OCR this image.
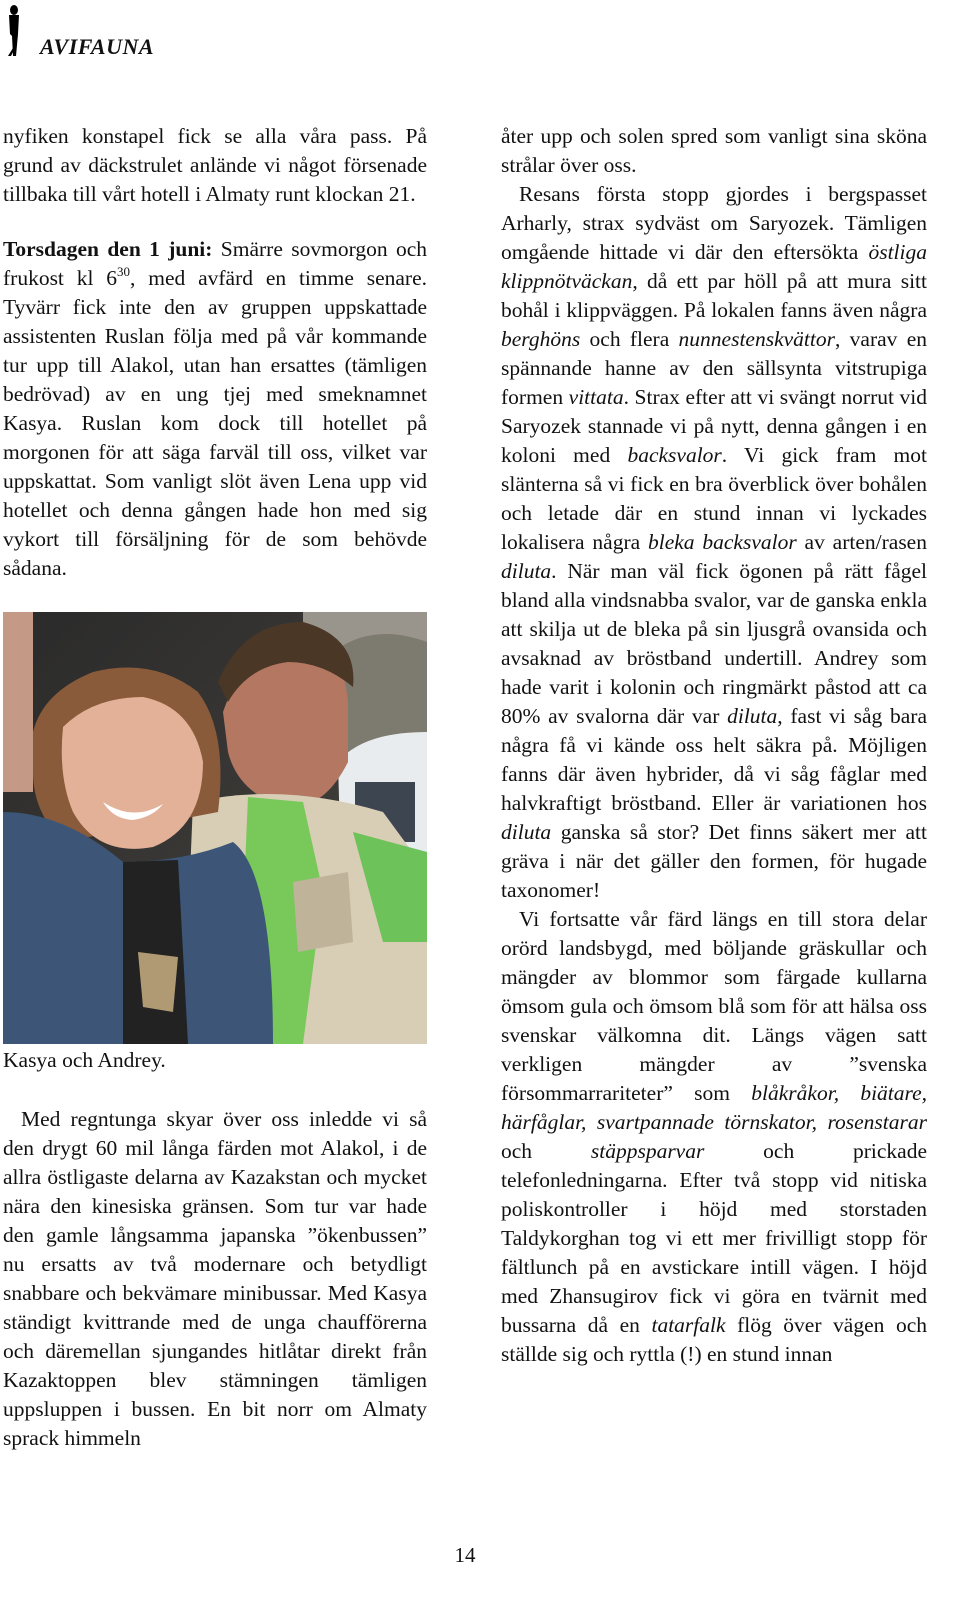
AVIFAUNA

nyfiken konstapel fick se alla våra pass. På grund av däckstrulet anlände vi något försenade tillbaka till vårt hotell i Almaty runt klockan 21.

Torsdagen den 1 juni: Smärre sovmorgon och frukost kl $6^{30}$, med avfärd en timme senare. Tyvärr fick inte den av gruppen uppskattade assistenten Ruslan följa med på vår kommande tur upp till Alakol, utan han ersattes (tämligen bedrövad) av en ung tjej med smeknamnet Kasya. Ruslan kom dock till hotellet på morgonen för att säga farväl till oss, vilket var uppskattat. Som vanligt slöt även Lena upp vid hotellet och denna gången hade hon med sig vykort till försäljning för de som behövde sådana.

Kasya och Andrey.

Med regntunga skyar över oss inledde vi så den drygt 60 mil långa färden mot Alakol, i de allra östligaste delarna av Kazakstan och mycket nära den kinesiska gränsen. Som tur var hade den gamle långsamma japanska ”ökenbussen” nu ersatts av två modernare och betydligt snabbare och bekvämare minibussar. Med Kasya ständigt kvittrande med de unga chaufförerna och däremellan sjungandes hitlåtar direkt från Kazaktoppen blev stämningen tämligen uppsluppen i bussen. En bit norr om Almaty sprack himmeln

åter upp och solen spred som vanligt sina sköna strålar över oss.

Resans första stopp gjordes i bergspasset Arharly, strax sydväst om Saryozek. Tämligen omgående hittade vi där den eftersökta östliga klippnötväckan, då ett par höll på att mura sitt bohål i klippväggen. På lokalen fanns även några berghöns och flera nunnestenskvättor, varav en spännande hanne av den sällsynta vitstrupiga formen vittata. Strax efter att vi svängt norrut vid Saryozek stannade vi på nytt, denna gången i en koloni med backsvalor. Vi gick fram mot slänterna så vi fick en bra överblick över bohålen och letade där en stund innan vi lyckades lokalisera några bleka backsvalor av arten/rasen diluta. När man väl fick ögonen på rätt fågel bland alla vindsnabba svalor, var de ganska enkla att skilja ut de bleka på sin ljusgrå ovansida och avsaknad av bröstband undertill. Andrey som hade varit i kolonin och ringmärkt påstod att ca 80% av svalorna där var diluta, fast vi såg bara några få vi kände oss helt säkra på. Möjligen fanns där även hybrider, då vi såg fåglar med halvkraftigt bröstband. Eller är variationen hos diluta ganska så stor? Det finns säkert mer att gräva i när det gäller den formen, för hugade taxonomer!

Vi fortsatte vår färd längs en till stora delar orörd landsbygd, med böljande gräskullar och mängder av blommor som färgade kullarna ömsom gula och ömsom blå som för att hälsa oss svenskar välkomna dit. Längs vägen satt verkligen mängder av ”svenska försommarrariteter” som blåkråkor, biätare, härfåglar, svartpannade törnskator, rosenstarar och stäppsparvar och prickade telefonledningarna. Efter två stopp vid nitiska poliskontroller i höjd med storstaden Taldykorghan tog vi ett mer frivilligt stopp för fältlunch på en avstickare intill vägen. I höjd med Zhansugirov fick vi göra en tvärnit med bussarna då en tatarfalk flög över vägen och ställde sig och ryttla (!) en stund innan

14
